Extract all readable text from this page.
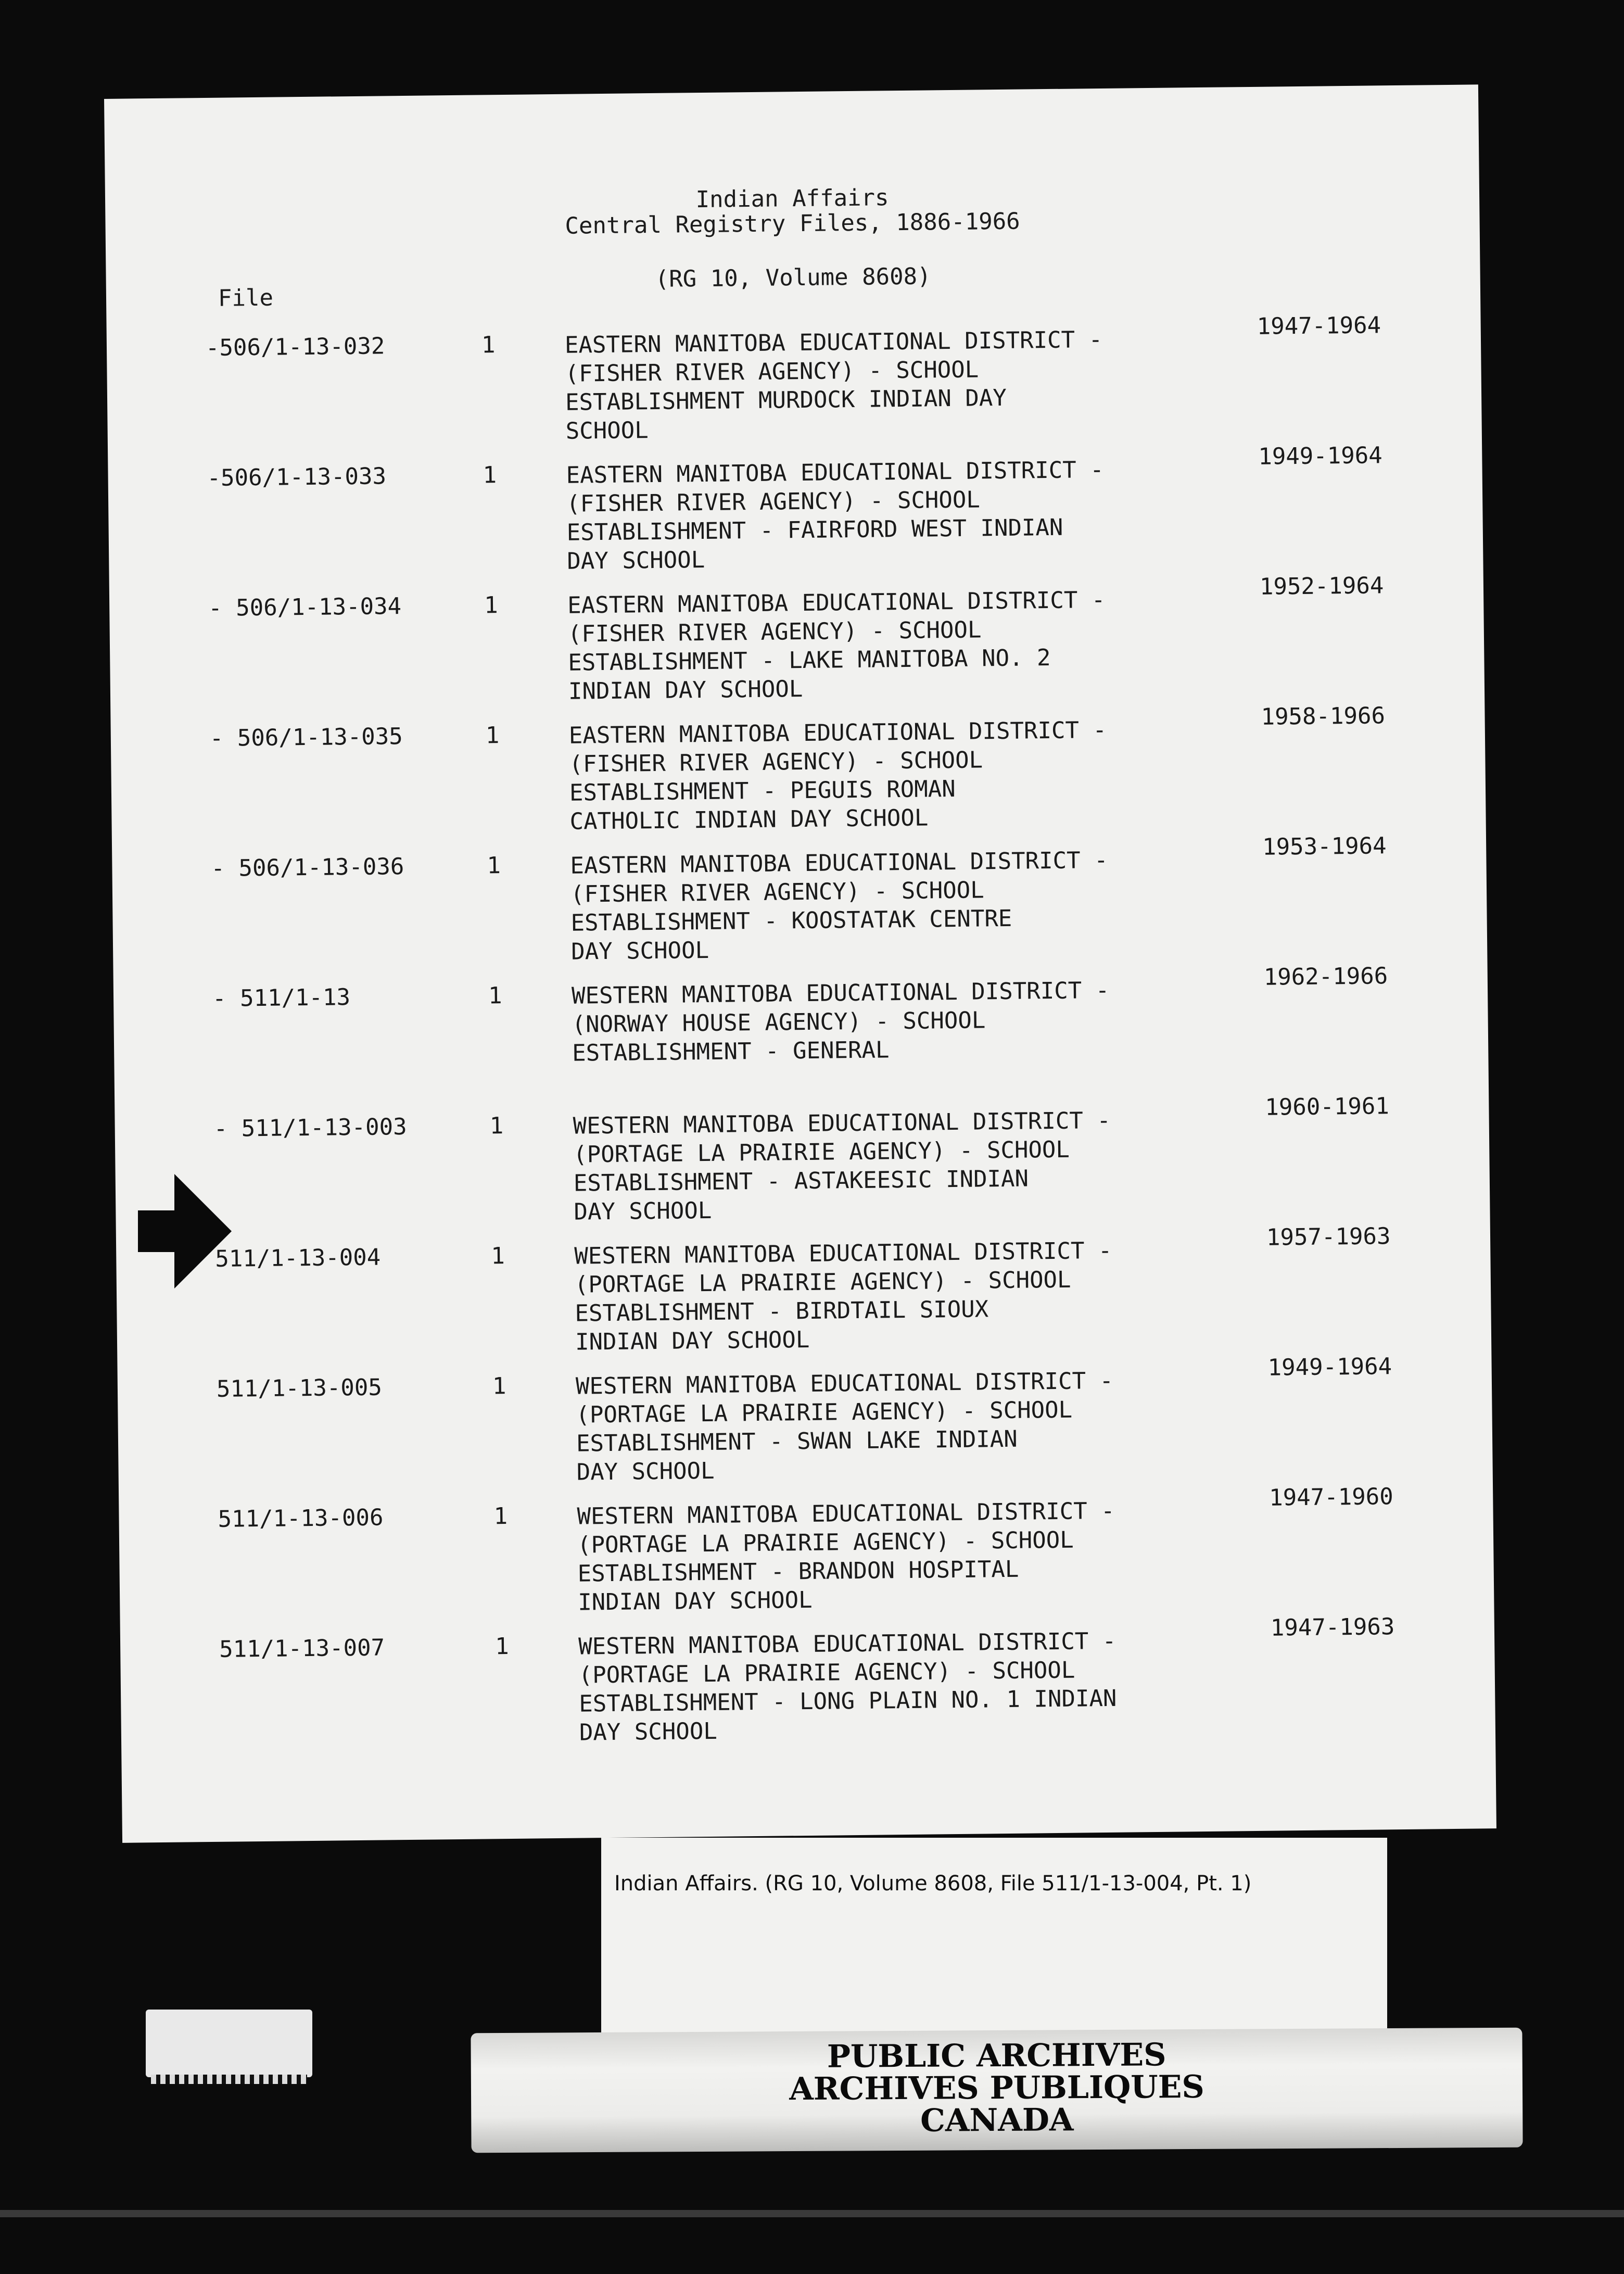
Indian Affairs
Central Registry Files, 1886-1966
(RG 10, Volume 8608)
File
-506/1-13-032	1	EASTERN MANITOBA EDUCATIONAL DISTRICT -
(FISHER RIVER AGENCY) - SCHOOL
ESTABLISHMENT MURDOCK INDIAN DAY
SCHOOL
1947-1964
-506/1-13-033	1	EASTERN MANITOBA EDUCATIONAL DISTRICT -
(FISHER RIVER AGENCY) - SCHOOL
ESTABLISHMENT - FAIRFORD WEST INDIAN
DAY SCHOOL
1949-1964
- 506/1-13-034	1	EASTERN MANITOBA EDUCATIONAL DISTRICT -
(FISHER RIVER AGENCY) - SCHOOL
ESTABLISHMENT - LAKE MANITOBA NO. 2
INDIAN DAY SCHOOL
1952-1964
- 506/1-13-035	1	EASTERN MANITOBA EDUCATIONAL DISTRICT -
(FISHER RIVER AGENCY) - SCHOOL
ESTABLISHMENT - PEGUIS ROMAN
CATHOLIC INDIAN DAY SCHOOL
1958-1966
- 506/1-13-036	1	EASTERN MANITOBA EDUCATIONAL DISTRICT -
(FISHER RIVER AGENCY) - SCHOOL
ESTABLISHMENT - KOOSTATAK CENTRE
DAY SCHOOL
1953-1964
- 511/1-13	1	WESTERN MANITOBA EDUCATIONAL DISTRICT -
(NORWAY HOUSE AGENCY) - SCHOOL
ESTABLISHMENT - GENERAL
1962-1966
- 511/1-13-003	1	WESTERN MANITOBA EDUCATIONAL DISTRICT -
(PORTAGE LA PRAIRIE AGENCY) - SCHOOL
ESTABLISHMENT - ASTAKEESIC INDIAN
DAY SCHOOL
1960-1961
511/1-13-004	1	WESTERN MANITOBA EDUCATIONAL DISTRICT -
(PORTAGE LA PRAIRIE AGENCY) - SCHOOL
ESTABLISHMENT - BIRDTAIL SIOUX
INDIAN DAY SCHOOL
1957-1963
511/1-13-005	1	WESTERN MANITOBA EDUCATIONAL DISTRICT -
(PORTAGE LA PRAIRIE AGENCY) - SCHOOL
ESTABLISHMENT - SWAN LAKE INDIAN
DAY SCHOOL
1949-1964
511/1-13-006	1	WESTERN MANITOBA EDUCATIONAL DISTRICT -
(PORTAGE LA PRAIRIE AGENCY) - SCHOOL
ESTABLISHMENT - BRANDON HOSPITAL
INDIAN DAY SCHOOL
1947-1960
511/1-13-007	1	WESTERN MANITOBA EDUCATIONAL DISTRICT -
(PORTAGE LA PRAIRIE AGENCY) - SCHOOL
ESTABLISHMENT - LONG PLAIN NO. 1 INDIAN
DAY SCHOOL
1947-1963
Indian Affairs. (RG 10, Volume 8608, File 511/1-13-004, Pt. 1)
PUBLIC ARCHIVES
ARCHIVES PUBLIQUES
CANADA
